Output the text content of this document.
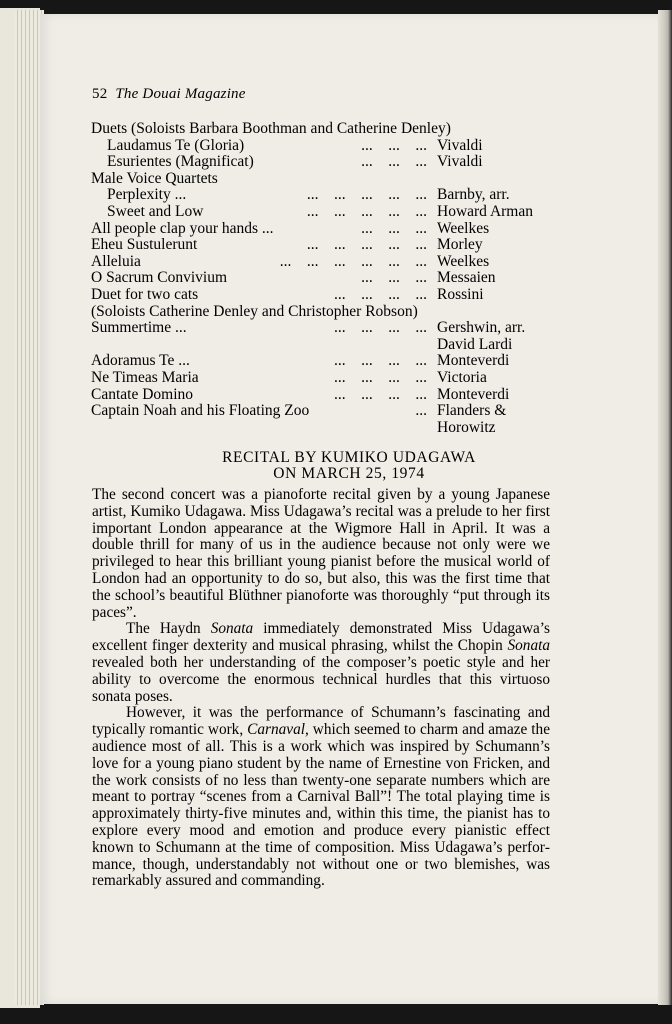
52 The Douai Magazine
Duets (Soloists Barbara Boothman and Catherine Denley)
Laudamus Te (Gloria)	...    ...    ... Vivaldi
Esurientes (Magnificat)	...    ...    ... Vivaldi
Male Voice Quartets
Perplexity ...	...    ...    ...    ...    ... Barnby, arr.
Sweet and Low	...    ...    ...    ...    ... Howard Arman
All people clap your hands ...	...    ...    ... Weelkes
Eheu Sustulerunt	...    ...    ...    ...    ... Morley
Alleluia	...    ...    ...    ...    ...    ... Weelkes
O Sacrum Convivium	...    ...    ... Messaien
Duet for two cats	...    ...    ...    ... Rossini
(Soloists Catherine Denley and Christopher Robson)
Summertime ...	...    ...    ...    ... Gershwin, arr.
David Lardi
Adoramus Te ...	...    ...    ...    ... Monteverdi
Ne Timeas Maria	...    ...    ...    ... Victoria
Cantate Domino	...    ...    ...    ... Monteverdi
Captain Noah and his Floating Zoo	... Flanders &
Horowitz
RECITAL BY KUMIKO UDAGAWA
ON MARCH 25, 1974

The second concert was a pianoforte recital given by a young Japanese artist, Kumiko Udagawa. Miss Udagawa’s recital was a prelude to her first important London appearance at the Wigmore Hall in April. It was a double thrill for many of us in the audience because not only were we privileged to hear this brilliant young pianist before the musical world of London had an opportunity to do so, but also, this was the first time that the school’s beautiful Blüthner pianoforte was thoroughly “put through its paces”.

The Haydn Sonata immediately demonstrated Miss Udagawa’s excellent finger dexterity and musical phrasing, whilst the Chopin Sonata revealed both her understanding of the composer’s poetic style and her ability to overcome the enormous technical hurdles that this virtuoso sonata poses.

However, it was the performance of Schumann’s fascinating and typically romantic work, Carnaval, which seemed to charm and amaze the audience most of all. This is a work which was inspired by Schumann’s love for a young piano student by the name of Ernestine von Fricken, and the work consists of no less than twenty-one separate numbers which are meant to portray “scenes from a Carnival Ball”! The total playing time is approximately thirty-five minutes and, within this time, the pianist has to explore every mood and emotion and produce every pianistic effect known to Schumann at the time of composition. Miss Udagawa’s performance, though, understandably not without one or two blemishes, was remarkably assured and commanding.
